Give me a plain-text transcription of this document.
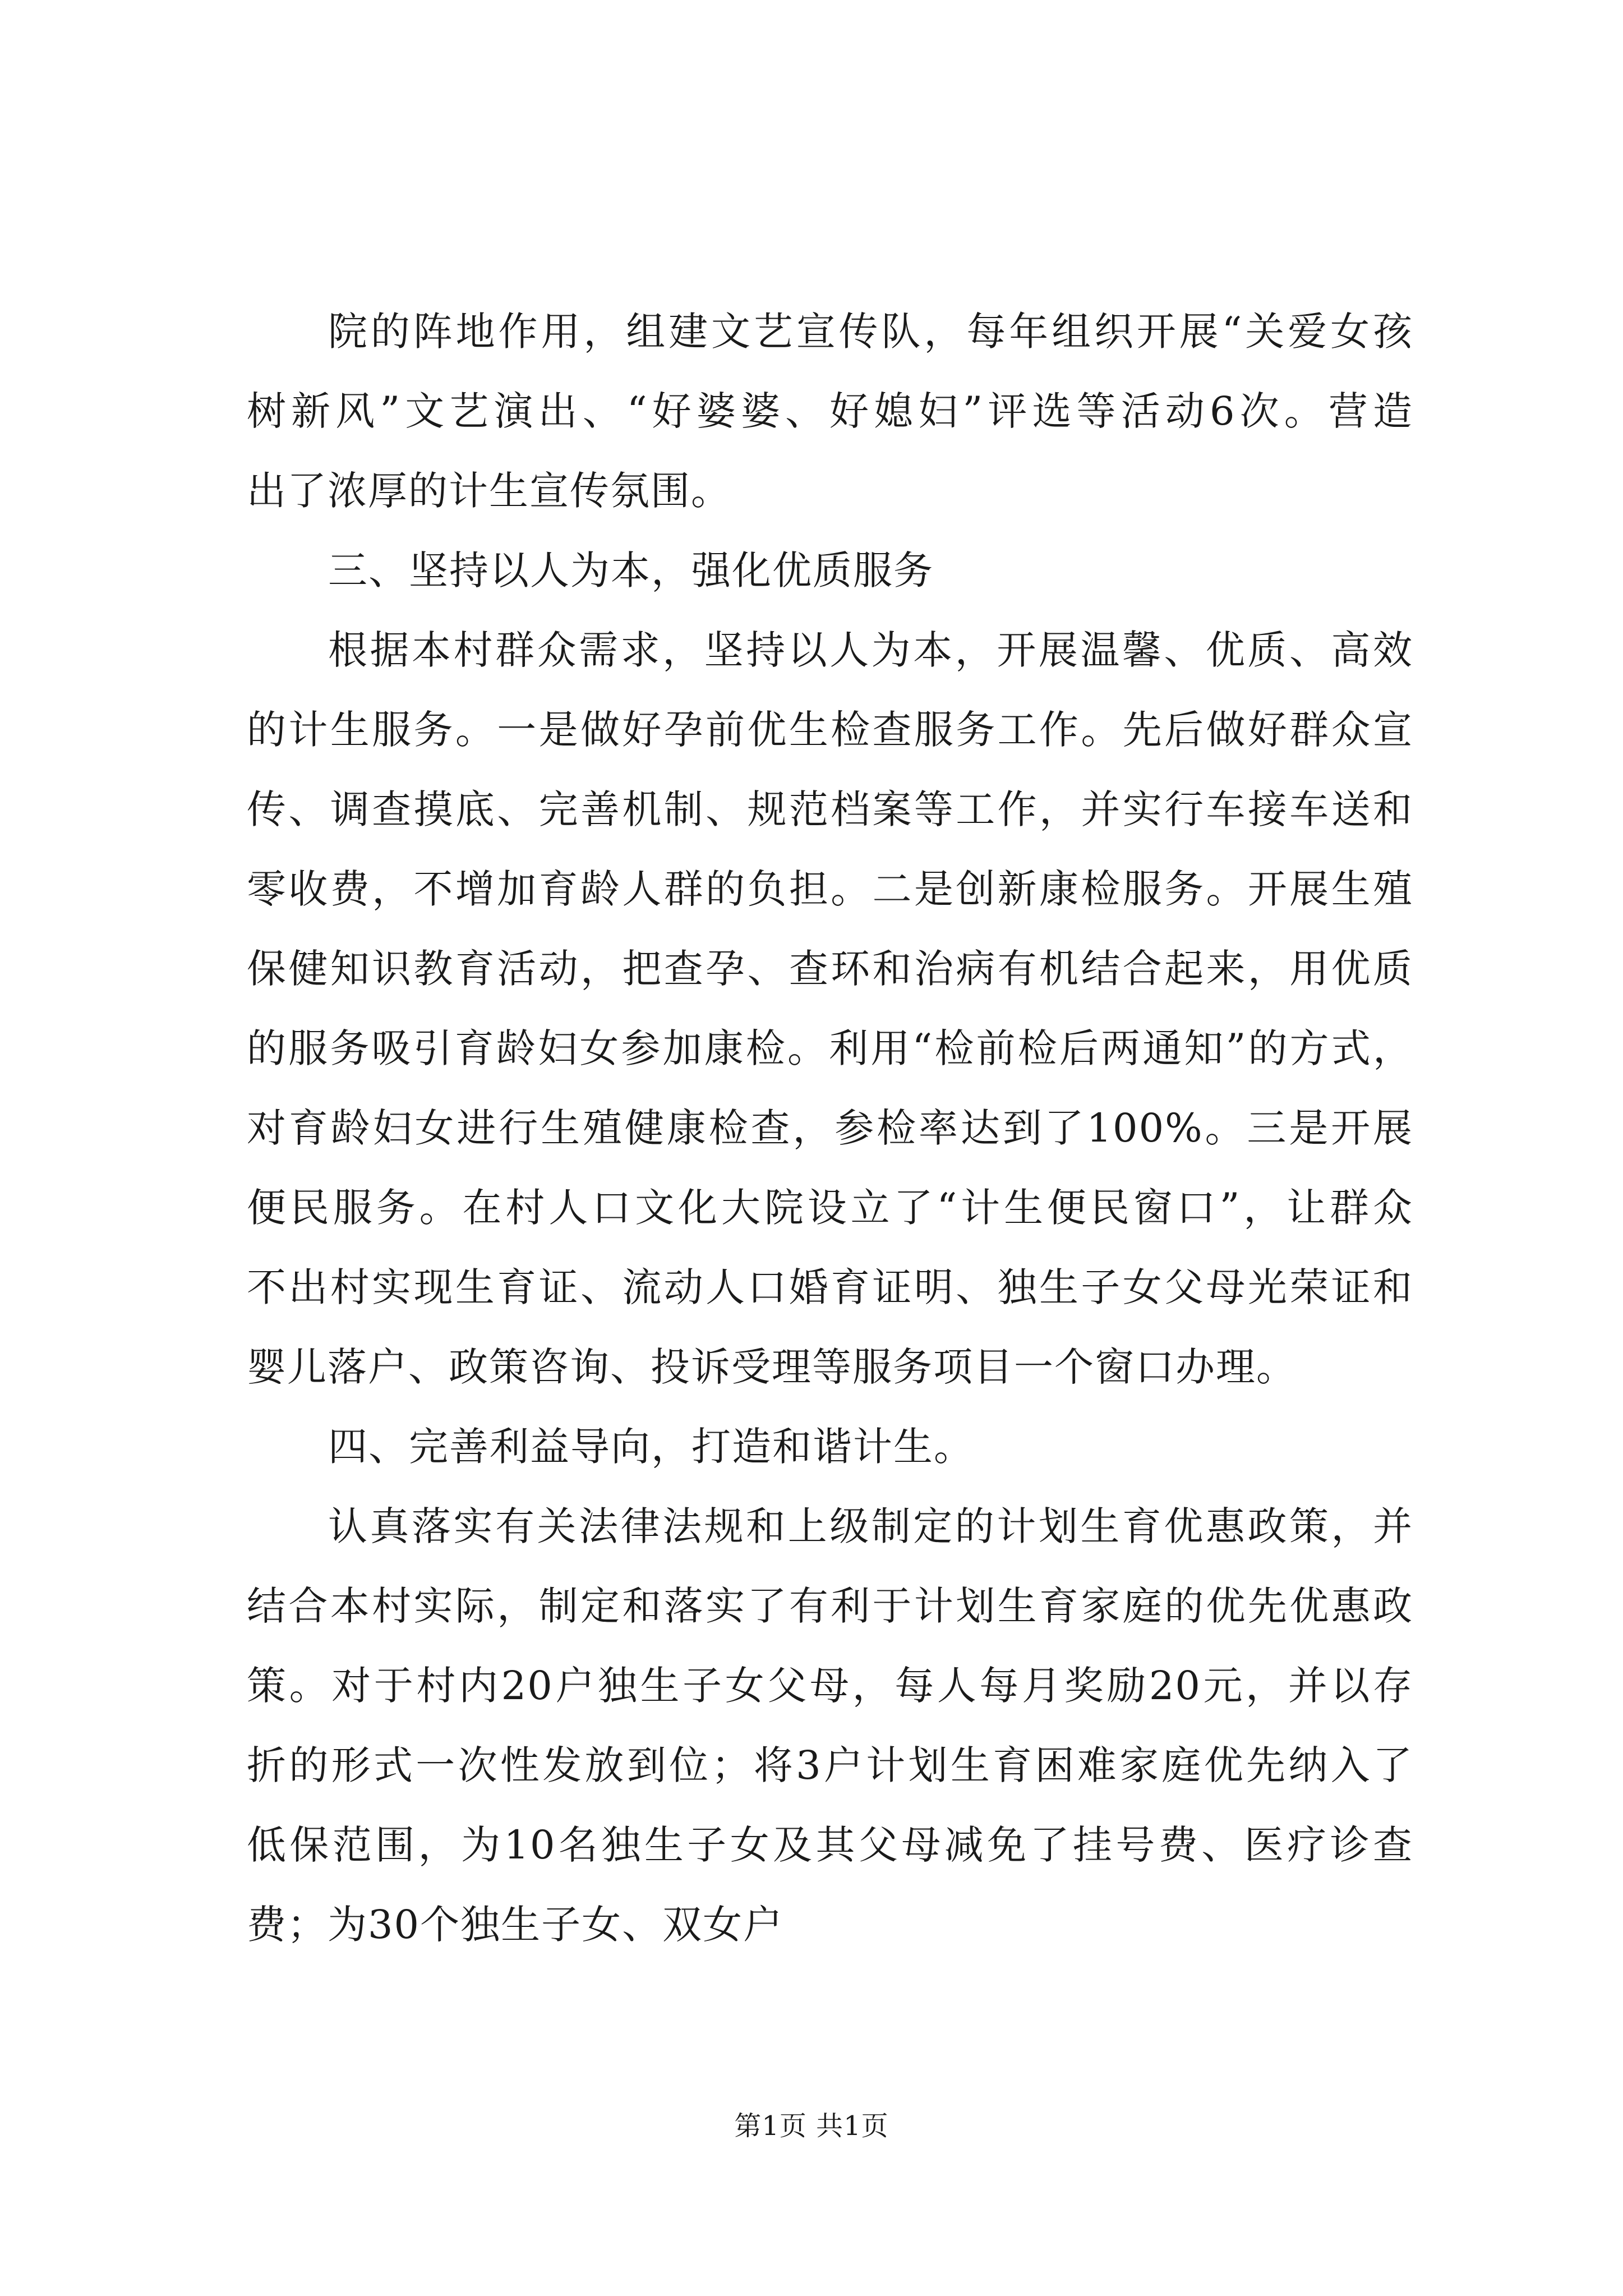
院的阵地作用，组建文艺宣传队，每年组织开展“关爱女孩
树新风”文艺演出、“好婆婆、好媳妇”评选等活动6次。营造
出了浓厚的计生宣传氛围。
三、坚持以人为本，强化优质服务
根据本村群众需求，坚持以人为本，开展温馨、优质、高效
的计生服务。一是做好孕前优生检查服务工作。先后做好群众宣
传、调查摸底、完善机制、规范档案等工作，并实行车接车送和
零收费，不增加育龄人群的负担。二是创新康检服务。开展生殖
保健知识教育活动，把查孕、查环和治病有机结合起来，用优质
的服务吸引育龄妇女参加康检。利用“检前检后两通知”的方式，
对育龄妇女进行生殖健康检查，参检率达到了100%。三是开展
便民服务。在村人口文化大院设立了“计生便民窗口”，让群众
不出村实现生育证、流动人口婚育证明、独生子女父母光荣证和
婴儿落户、政策咨询、投诉受理等服务项目一个窗口办理。
四、完善利益导向，打造和谐计生。
认真落实有关法律法规和上级制定的计划生育优惠政策，并
结合本村实际，制定和落实了有利于计划生育家庭的优先优惠政
策。对于村内20户独生子女父母，每人每月奖励20元，并以存
折的形式一次性发放到位；将3户计划生育困难家庭优先纳入了
低保范围，为10名独生子女及其父母减免了挂号费、医疗诊查
费；为30个独生子女、双女户
第1页 共1页
